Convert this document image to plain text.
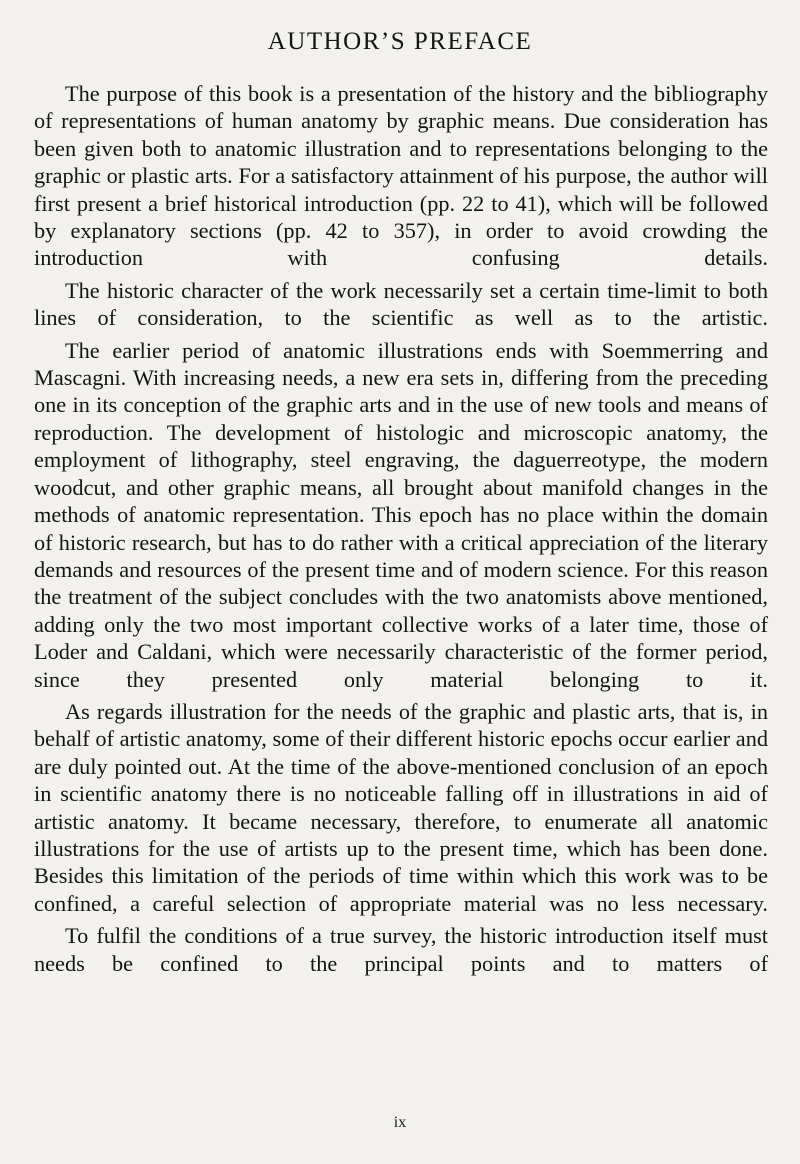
AUTHOR’S PREFACE

The purpose of this book is a presentation of the history and the bibliography of representations of human anatomy by graphic means. Due consideration has been given both to anatomic illustration and to representations belonging to the graphic or plastic arts. For a satisfactory attainment of his purpose, the author will first present a brief historical introduction (pp. 22 to 41), which will be followed by explanatory sections (pp. 42 to 357), in order to avoid crowding the introduction with confusing details.

The historic character of the work necessarily set a certain time-limit to both lines of consideration, to the scientific as well as to the artistic.

The earlier period of anatomic illustrations ends with Soemmerring and Mascagni. With increasing needs, a new era sets in, differing from the preceding one in its conception of the graphic arts and in the use of new tools and means of reproduction. The development of histologic and microscopic anatomy, the employment of lithography, steel engraving, the daguerreotype, the modern woodcut, and other graphic means, all brought about manifold changes in the methods of anatomic representation. This epoch has no place within the domain of historic research, but has to do rather with a critical appreciation of the literary demands and resources of the present time and of modern science. For this reason the treatment of the subject concludes with the two anatomists above mentioned, adding only the two most important collective works of a later time, those of Loder and Caldani, which were necessarily characteristic of the former period, since they presented only material belonging to it.

As regards illustration for the needs of the graphic and plastic arts, that is, in behalf of artistic anatomy, some of their different historic epochs occur earlier and are duly pointed out. At the time of the above-mentioned conclusion of an epoch in scientific anatomy there is no noticeable falling off in illustrations in aid of artistic anatomy. It became necessary, therefore, to enumerate all anatomic illustrations for the use of artists up to the present time, which has been done. Besides this limitation of the periods of time within which this work was to be confined, a careful selection of appropriate material was no less necessary.

To fulfil the conditions of a true survey, the historic introduction itself must needs be confined to the principal points and to matters of

ix
